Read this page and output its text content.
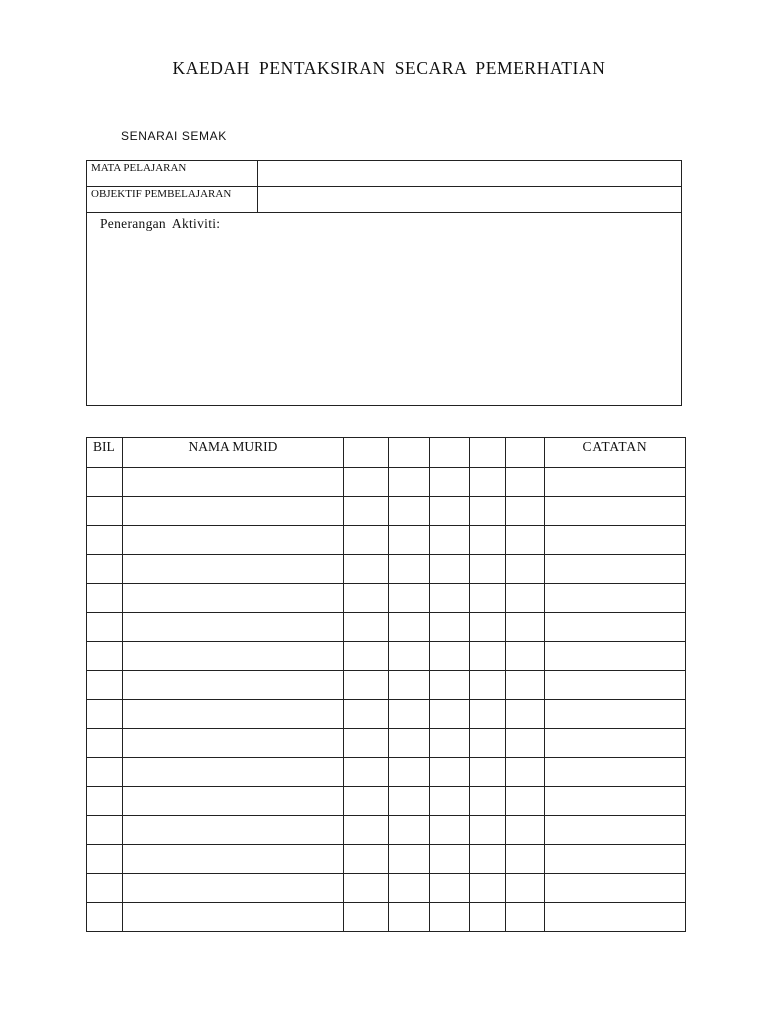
KAEDAH PENTAKSIRAN SECARA PEMERHATIAN
SENARAI SEMAK
MATA PELAJARAN
OBJEKTIF PEMBELAJARAN
Penerangan Aktiviti:
BIL	NAMA MURID						CATATAN
